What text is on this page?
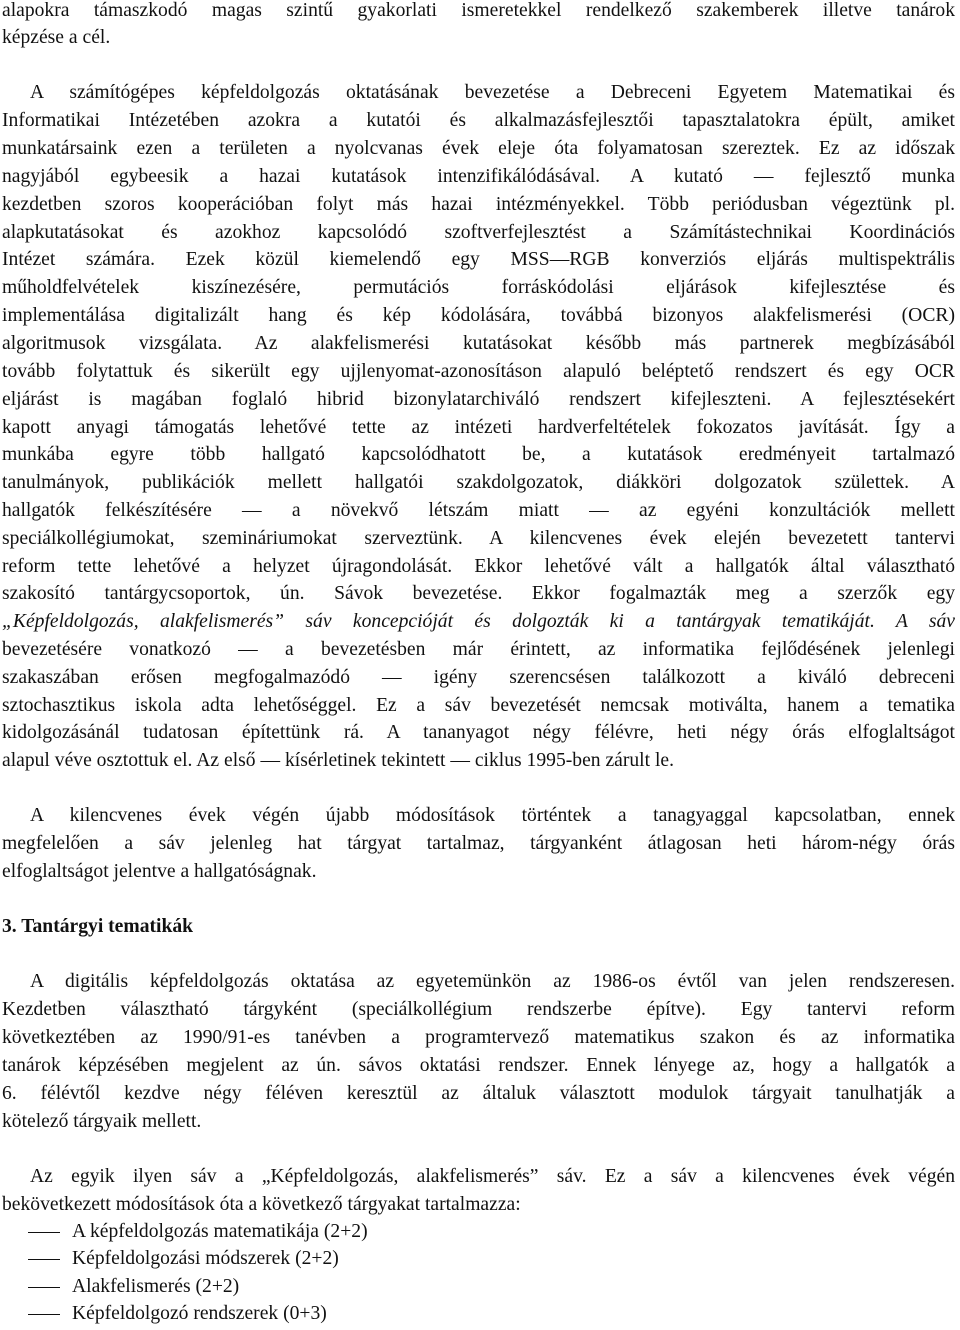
alapokra támaszkodó magas szintű gyakorlati ismeretekkel rendelkező szakemberek illetve tanárok
képzése a cél.
A számítógépes képfeldolgozás oktatásának bevezetése a Debreceni Egyetem Matematikai és
Informatikai Intézetében azokra a kutatói és alkalmazásfejlesztői tapasztalatokra épült, amiket
munkatársaink ezen a területen a nyolcvanas évek eleje óta folyamatosan szereztek. Ez az időszak
nagyjából egybeesik a hazai kutatások intenzifikálódásával. A kutató — fejlesztő munka
kezdetben szoros kooperációban folyt más hazai intézményekkel. Több periódusban végeztünk pl.
alapkutatásokat és azokhoz kapcsolódó szoftverfejlesztést a Számítástechnikai Koordinációs
Intézet számára. Ezek közül kiemelendő egy MSS—RGB konverziós eljárás multispektrális
műholdfelvételek kiszínezésére, permutációs forráskódolási eljárások kifejlesztése és
implementálása digitalizált hang és kép kódolására, továbbá bizonyos alakfelismerési (OCR)
algoritmusok vizsgálata. Az alakfelismerési kutatásokat később más partnerek megbízásából
tovább folytattuk és sikerült egy ujjlenyomat-azonosításon alapuló beléptető rendszert és egy OCR
eljárást is magában foglaló hibrid bizonylatarchiváló rendszert kifejleszteni. A fejlesztésekért
kapott anyagi támogatás lehetővé tette az intézeti hardverfeltételek fokozatos javítását. Így a
munkába egyre több hallgató kapcsolódhatott be, a kutatások eredményeit tartalmazó
tanulmányok, publikációk mellett hallgatói szakdolgozatok, diákköri dolgozatok születtek. A
hallgatók felkészítésére — a növekvő létszám miatt — az egyéni konzultációk mellett
speciálkollégiumokat, szemináriumokat szerveztünk. A kilencvenes évek elején bevezetett tantervi
reform tette lehetővé a helyzet újragondolását. Ekkor lehetővé vált a hallgatók által választható
szakosító tantárgycsoportok, ún. Sávok bevezetése. Ekkor fogalmazták meg a szerzők egy
„Képfeldolgozás, alakfelismerés” sáv koncepcióját és dolgozták ki a tantárgyak tematikáját. A sáv
bevezetésére vonatkozó — a bevezetésben már érintett, az informatika fejlődésének jelenlegi
szakaszában erősen megfogalmazódó — igény szerencsésen találkozott a kiváló debreceni
sztochasztikus iskola adta lehetőséggel. Ez a sáv bevezetését nemcsak motiválta, hanem a tematika
kidolgozásánál tudatosan építettünk rá. A tananyagot négy félévre, heti négy órás elfoglaltságot
alapul véve osztottuk el. Az első — kísérletinek tekintett — ciklus 1995-ben zárult le.
A kilencvenes évek végén újabb módosítások történtek a tanagyaggal kapcsolatban, ennek
megfelelően a sáv jelenleg hat tárgyat tartalmaz, tárgyanként átlagosan heti három-négy órás
elfoglaltságot jelentve a hallgatóságnak.
3. Tantárgyi tematikák
A digitális képfeldolgozás oktatása az egyetemünkön az 1986-os évtől van jelen rendszeresen.
Kezdetben választható tárgyként (speciálkollégium rendszerbe építve). Egy tantervi reform
következtében az 1990/91-es tanévben a programtervező matematikus szakon és az informatika
tanárok képzésében megjelent az ún. sávos oktatási rendszer. Ennek lényege az, hogy a hallgatók a
6. félévtől kezdve négy féléven keresztül az általuk választott modulok tárgyait tanulhatják a
kötelező tárgyaik mellett.
Az egyik ilyen sáv a „Képfeldolgozás, alakfelismerés” sáv. Ez a sáv a kilencvenes évek végén
bekövetkezett módosítások óta a következő tárgyakat tartalmazza:
A képfeldolgozás matematikája (2+2)
Képfeldolgozási módszerek (2+2)
Alakfelismerés (2+2)
Képfeldolgozó rendszerek (0+3)
